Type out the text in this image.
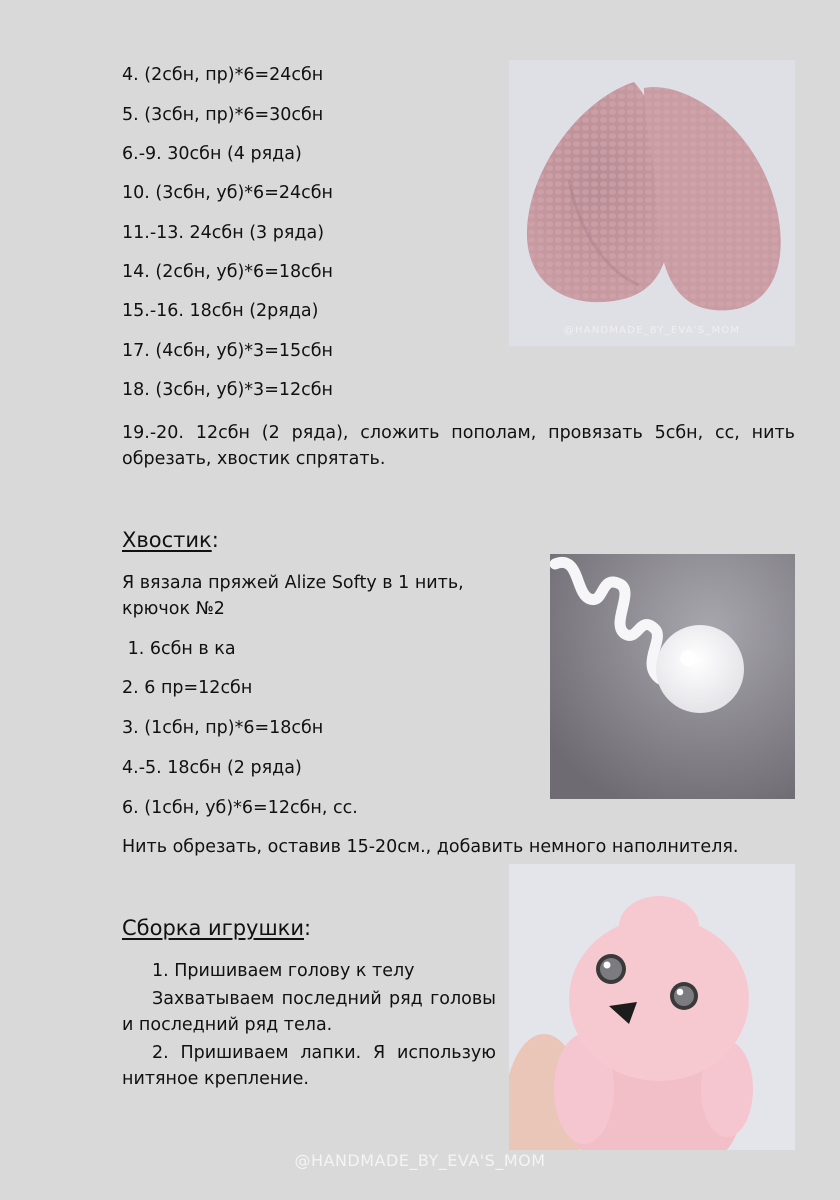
4. (2сбн, пр)*6=24сбн
5. (3сбн, пр)*6=30сбн
6.-9. 30сбн (4 ряда)
10. (3сбн, уб)*6=24сбн
11.-13. 24сбн (3 ряда)
14. (2сбн, уб)*6=18сбн
15.-16. 18сбн (2ряда)
17. (4сбн, уб)*3=15сбн
18. (3сбн, уб)*3=12сбн
19.-20. 12сбн (2 ряда), сложить пополам, провязать 5сбн, сс, нить обрезать, хвостик спрятать.
@HANDMADE_BY_EVA'S_MOM
Хвостик:
Я вязала пряжей Alize Softy в 1 нить,
крючок №2
1. 6сбн в ка
2. 6 пр=12сбн
3. (1сбн, пр)*6=18сбн
4.-5. 18сбн (2 ряда)
6. (1сбн, уб)*6=12сбн, сс.
Нить обрезать, оставив 15-20см., добавить немного наполнителя.
Сборка игрушки:
1. Пришиваем голову к телу
Захватываем последний ряд головы и последний ряд тела.
2. Пришиваем лапки. Я использую нитяное крепление.
@HANDMADE_BY_EVA'S_MOM
